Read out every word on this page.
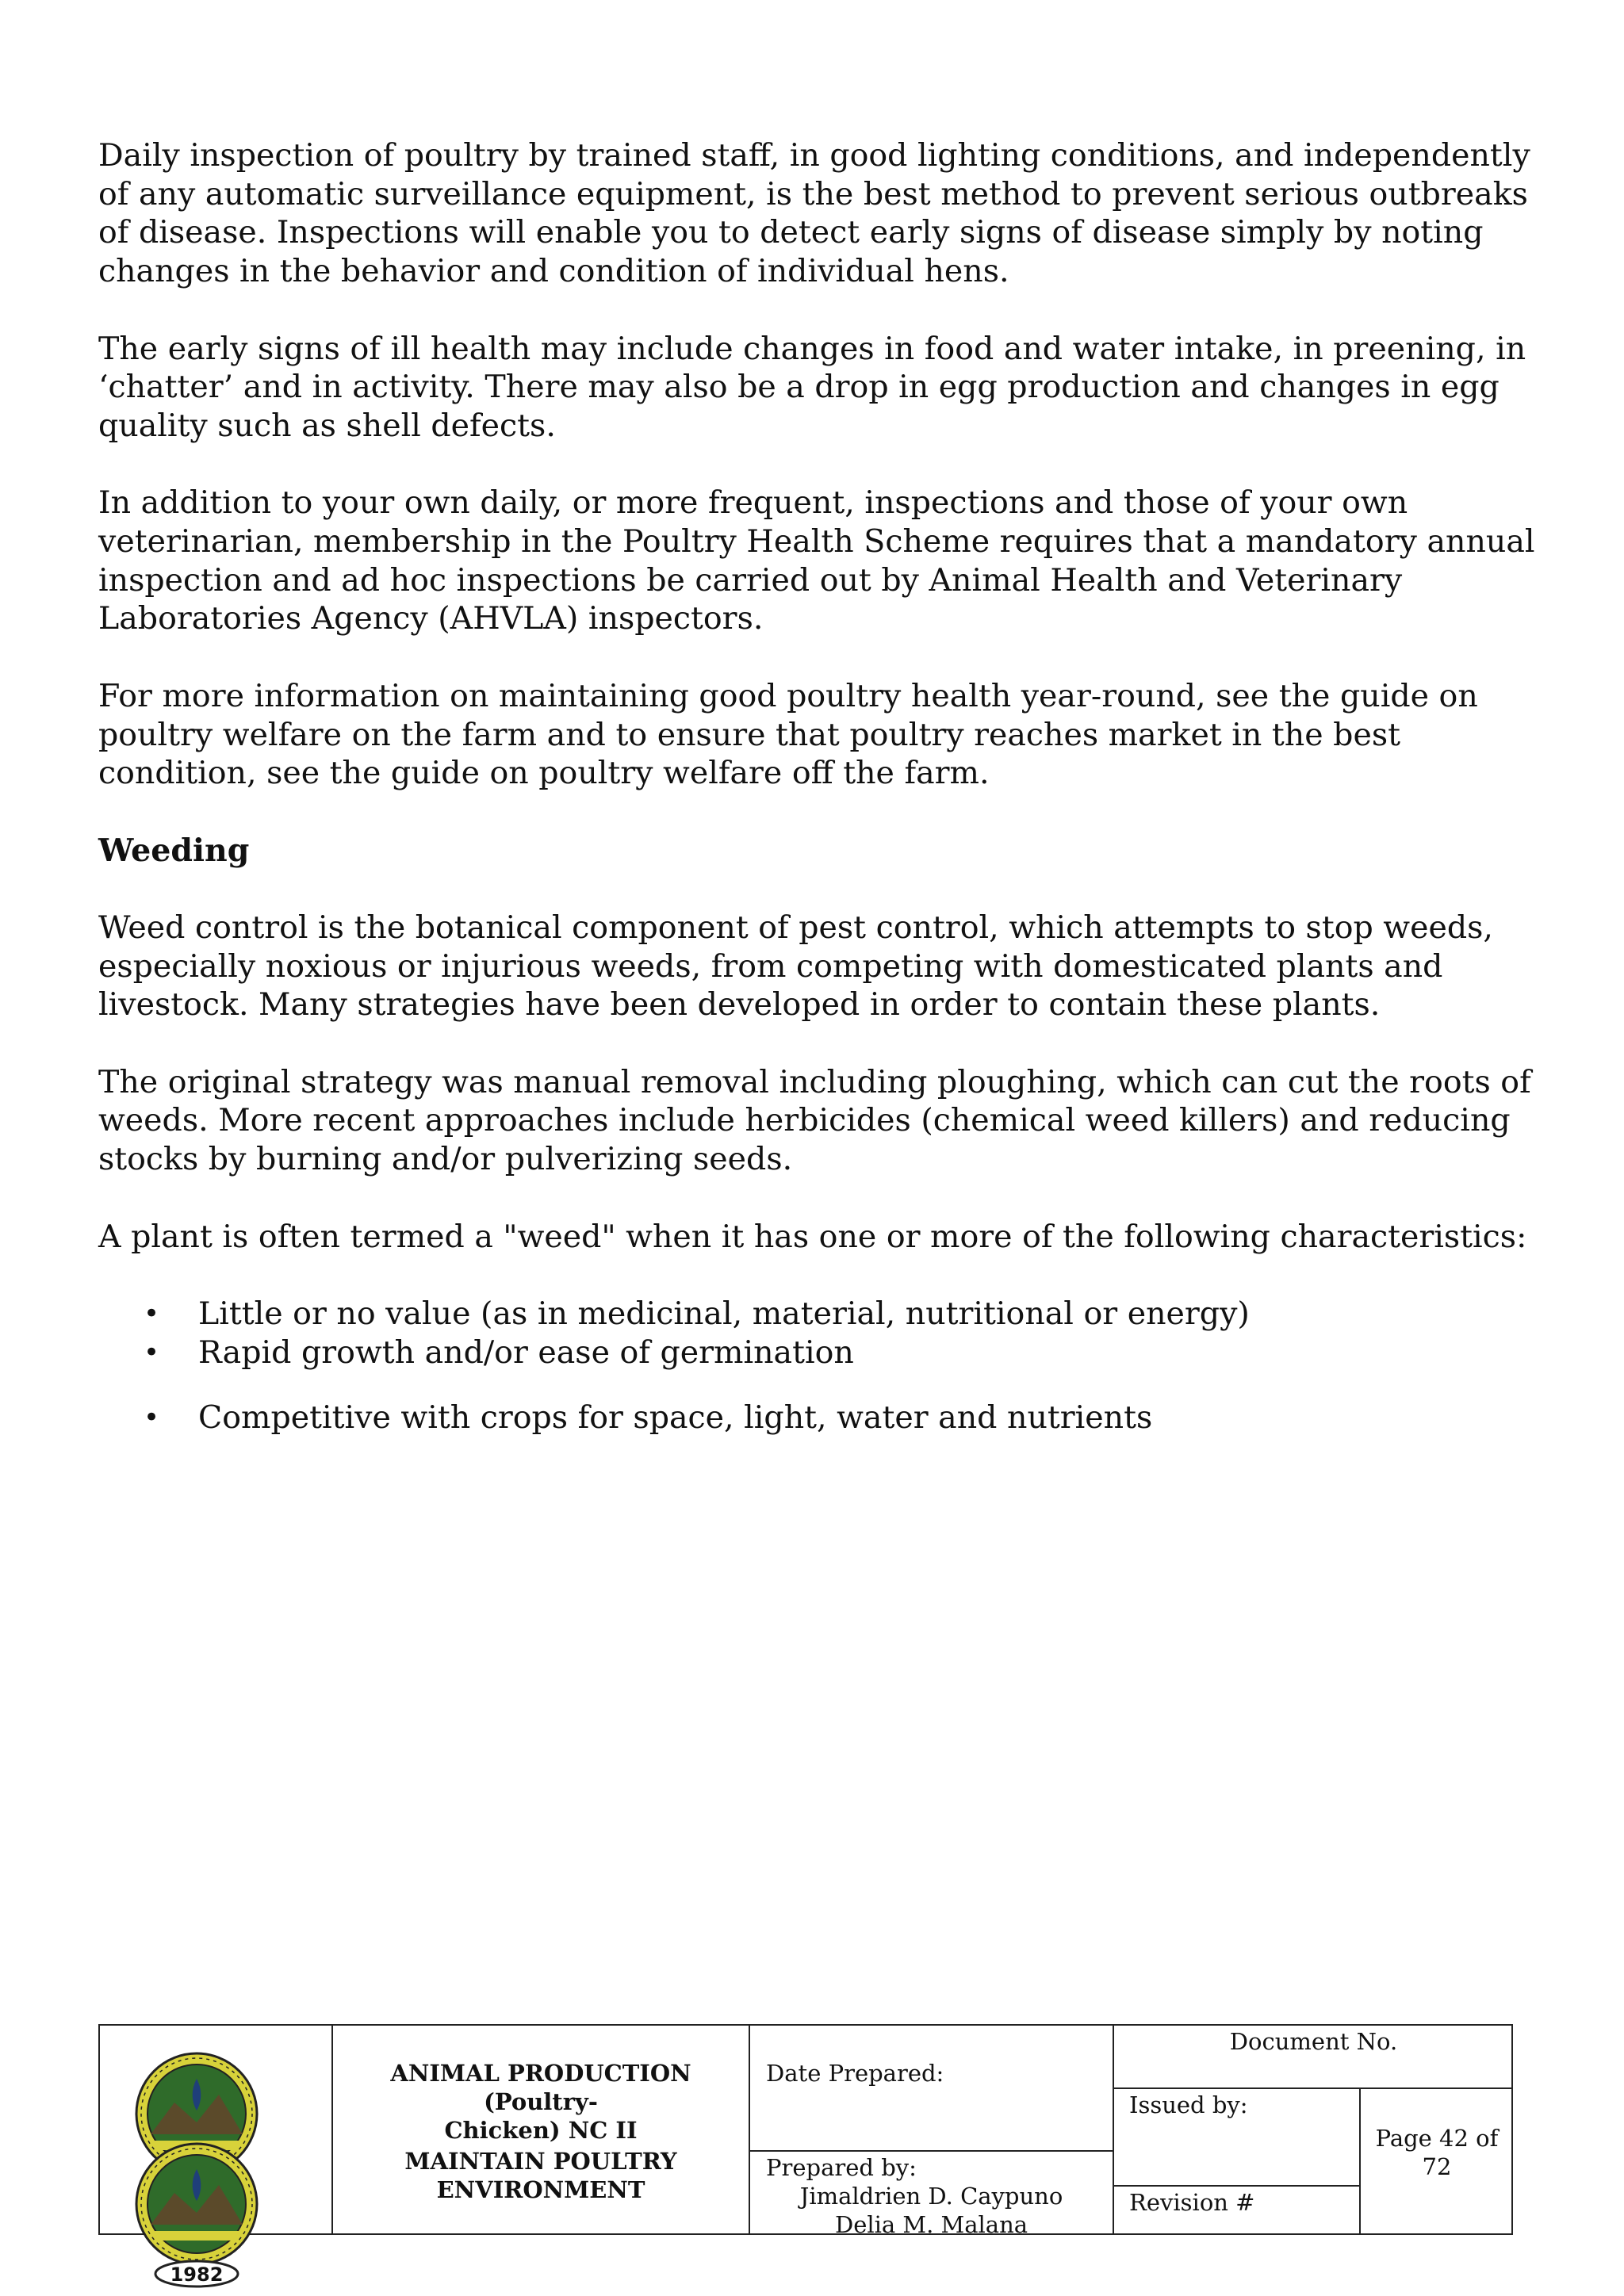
Daily inspection of poultry by trained staff, in good lighting conditions, and independently of any automatic surveillance equipment, is the best method to prevent serious outbreaks of disease. Inspections will enable you to detect early signs of disease simply by noting changes in the behavior and condition of individual hens.

The early signs of ill health may include changes in food and water intake, in preening, in ‘chatter’ and in activity. There may also be a drop in egg production and changes in egg quality such as shell defects.

In addition to your own daily, or more frequent, inspections and those of your own veterinarian, membership in the Poultry Health Scheme requires that a mandatory annual inspection and ad hoc inspections be carried out by Animal Health and Veterinary Laboratories Agency (AHVLA) inspectors.

For more information on maintaining good poultry health year-round, see the guide on poultry welfare on the farm and to ensure that poultry reaches market in the best condition, see the guide on poultry welfare off the farm.

Weeding

Weed control is the botanical component of pest control, which attempts to stop weeds, especially noxious or injurious weeds, from competing with domesticated plants and livestock. Many strategies have been developed in order to contain these plants.

The original strategy was manual removal including ploughing, which can cut the roots of weeds. More recent approaches include herbicides (chemical weed killers) and reducing stocks by burning and/or pulverizing seeds.

A plant is often termed a "weed" when it has one or more of the following characteristics:

• Little or no value (as in medicinal, material, nutritional or energy)
• Rapid growth and/or ease of germination
• Competitive with crops for space, light, water and nutrients
ANIMAL PRODUCTION (Poultry-
Chicken) NC II
MAINTAIN POULTRY
ENVIRONMENT
Date Prepared:
Prepared by:
Jimaldrien D. Caypuno
Delia M. Malana
Document No.
Issued by:
Revision #
Page 42 of 72
1982
